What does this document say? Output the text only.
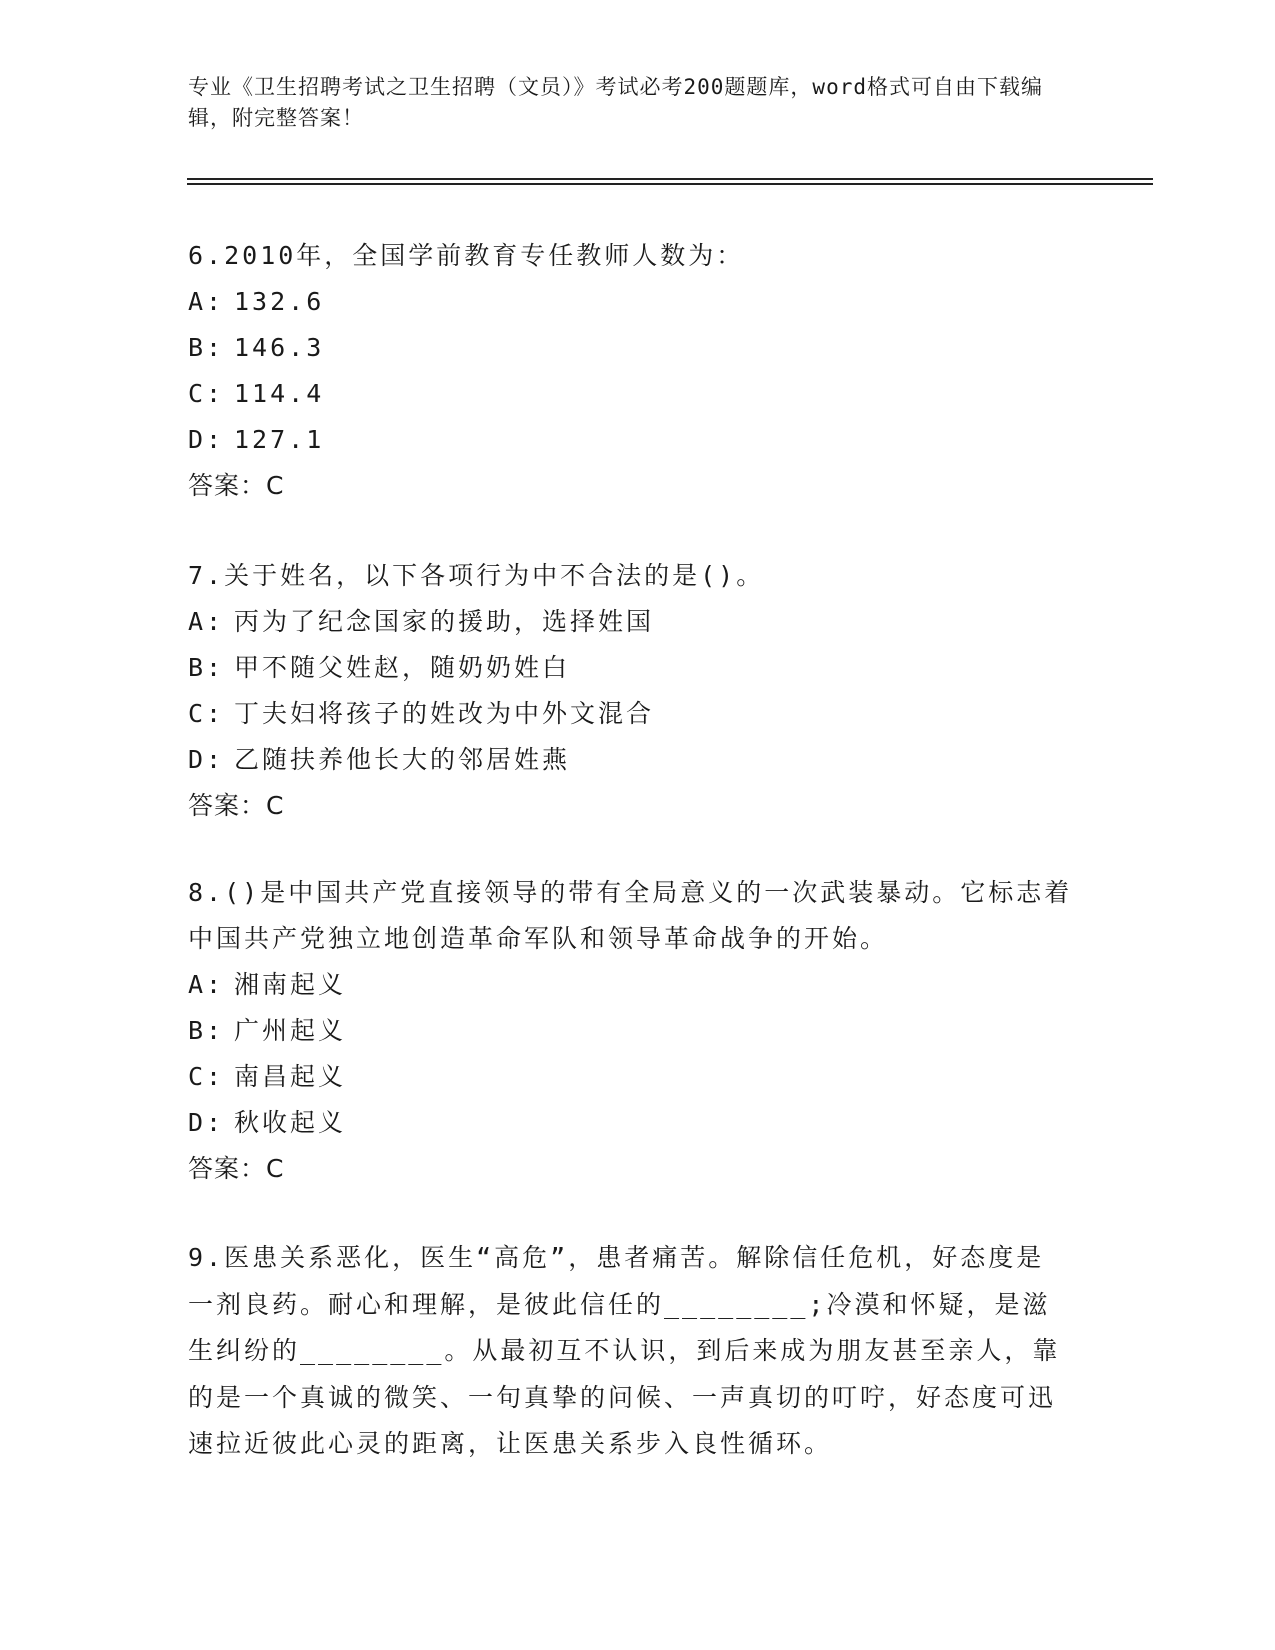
专业《卫生招聘考试之卫生招聘（文员）》考试必考200题题库，word格式可自由下载编辑，附完整答案！

6.2010年，全国学前教育专任教师人数为：

A: 132.6

B: 146.3

C: 114.4

D: 127.1

答案：C

7.关于姓名，以下各项行为中不合法的是()。

A: 丙为了纪念国家的援助，选择姓国

B: 甲不随父姓赵，随奶奶姓白

C: 丁夫妇将孩子的姓改为中外文混合

D: 乙随扶养他长大的邻居姓燕

答案：C

8.()是中国共产党直接领导的带有全局意义的一次武装暴动。它标志着中国共产党独立地创造革命军队和领导革命战争的开始。

A: 湘南起义

B: 广州起义

C: 南昌起义

D: 秋收起义

答案：C

9.医患关系恶化，医生“高危”，患者痛苦。解除信任危机，好态度是一剂良药。耐心和理解，是彼此信任的________;冷漠和怀疑，是滋生纠纷的________。从最初互不认识，到后来成为朋友甚至亲人，靠的是一个真诚的微笑、一句真挚的问候、一声真切的叮咛，好态度可迅速拉近彼此心灵的距离，让医患关系步入良性循环。
